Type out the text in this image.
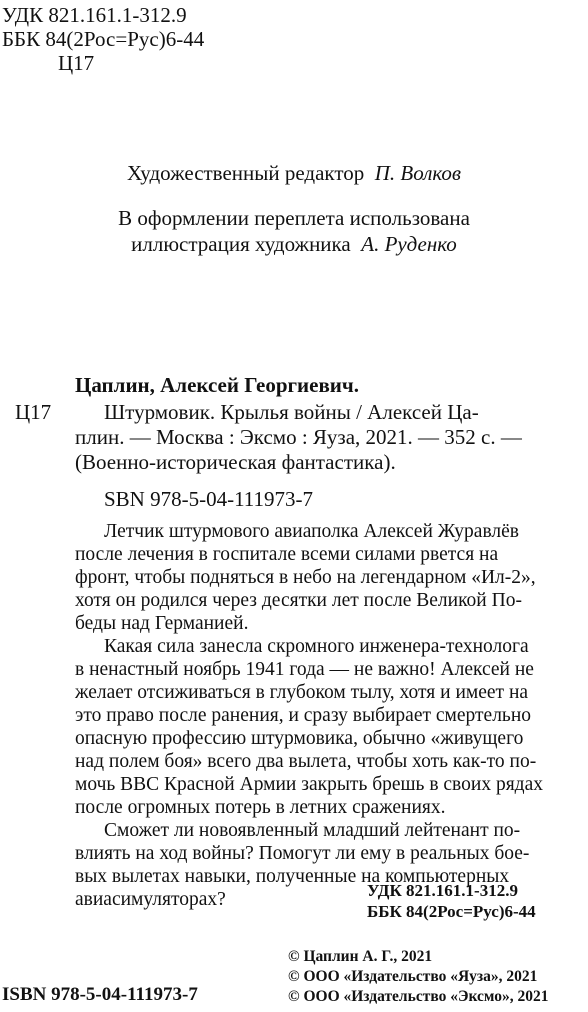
УДК 821.161.1-312.9
ББК 84(2Рос=Рус)6-44
Ц17
Художественный редактор П. Волков
В оформлении переплета использована
иллюстрация художника А. Руденко
Цаплин, Алексей Георгиевич.
Ц17	Штурмовик. Крылья войны / Алексей Ца-
плин. — Москва : Эксмо : Яуза, 2021. — 352 с. —
(Военно-историческая фантастика).
SBN 978-5-04-111973-7
Летчик штурмового авиаполка Алексей Журавлёв
после лечения в госпитале всеми силами рвется на
фронт, чтобы подняться в небо на легендарном «Ил-2»,
хотя он родился через десятки лет после Великой По-
беды над Германией.
Какая сила занесла скромного инженера-технолога
в ненастный ноябрь 1941 года — не важно! Алексей не
желает отсиживаться в глубоком тылу, хотя и имеет на
это право после ранения, и сразу выбирает смертельно
опасную профессию штурмовика, обычно «живущего
над полем боя» всего два вылета, чтобы хоть как-то по-
мочь ВВС Красной Армии закрыть брешь в своих рядах
после огромных потерь в летних сражениях.
Сможет ли новоявленный младший лейтенант по-
влиять на ход войны? Помогут ли ему в реальных бое-
вых вылетах навыки, полученные на компьютерных
авиасимуляторах?	УДК 821.161.1-312.9
ББК 84(2Рос=Рус)6-44
ISBN 978-5-04-111973-7
© Цаплин А. Г., 2021
© ООО «Издательство «Яуза», 2021
© ООО «Издательство «Эксмо», 2021
